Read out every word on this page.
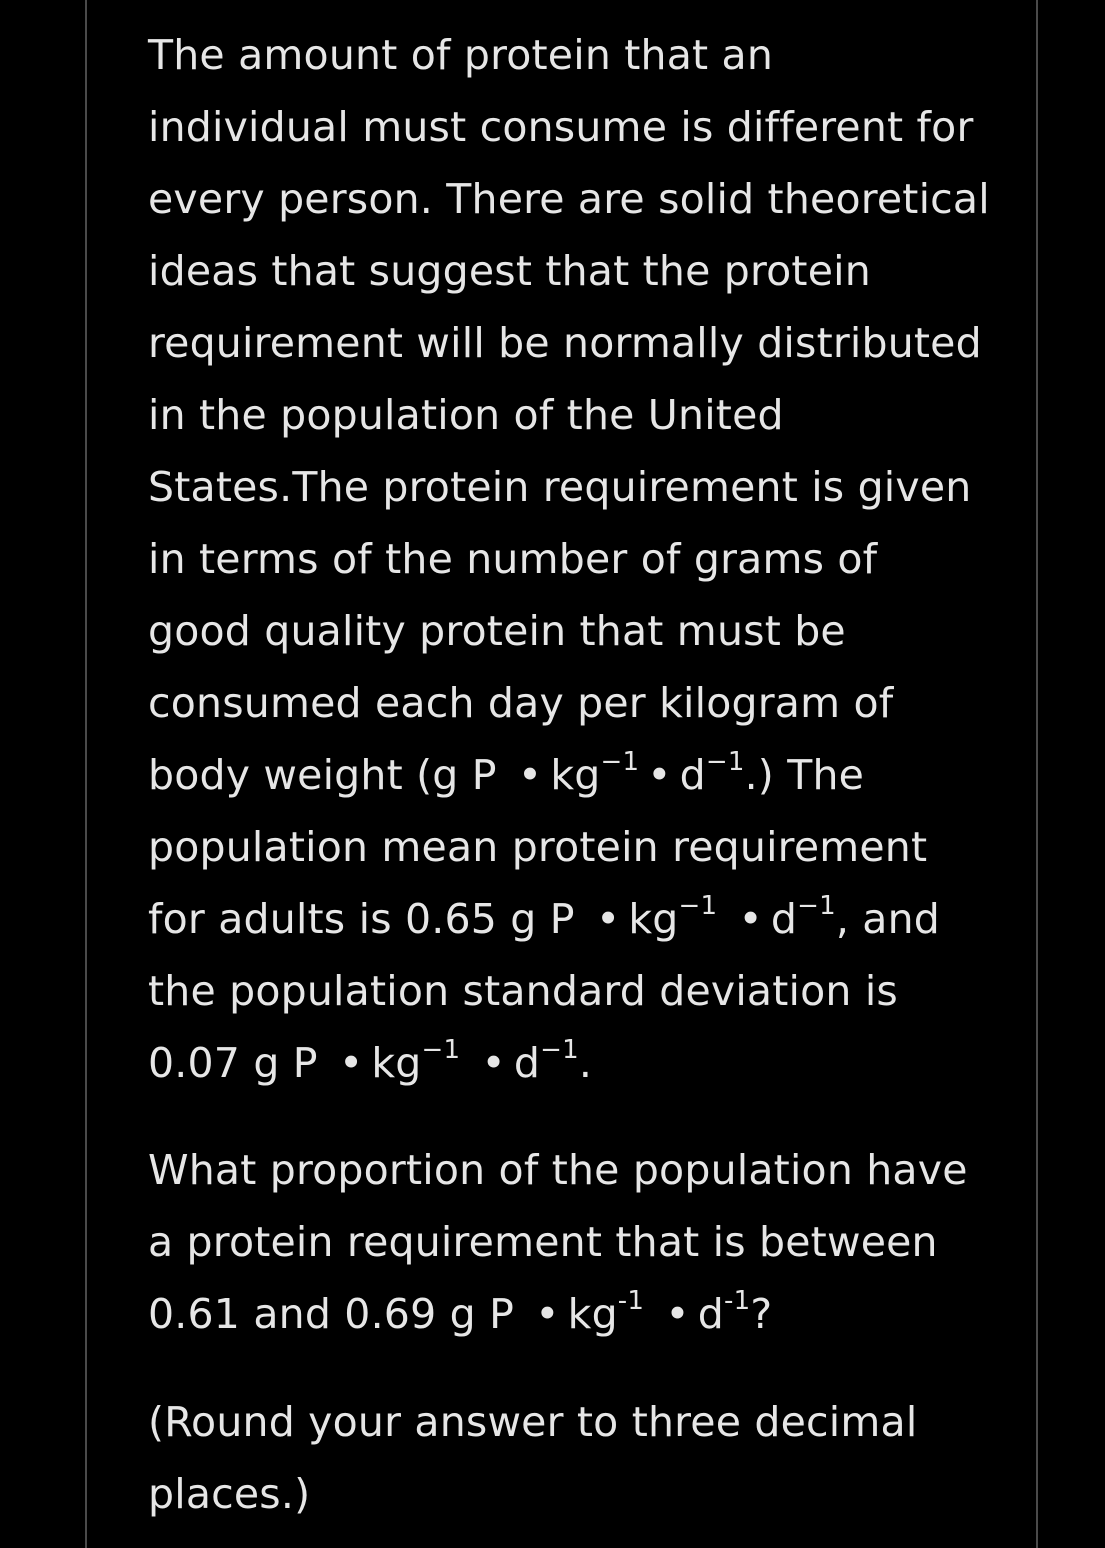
The amount of protein that an
individual must consume is different for
every person. There are solid theoretical
ideas that suggest that the protein
requirement will be normally distributed
in the population of the United
States.The protein requirement is given
in terms of the number of grams of
good quality protein that must be
consumed each day per kilogram of
body weight (g P • $kg^{-1}$ • $d^{-1}$.) The
population mean protein requirement
for adults is 0.65 g P • $kg^{-1}$ • $d^{-1}$, and
the population standard deviation is
0.07 g P • $kg^{-1}$ • $d^{-1}$.
What proportion of the population have
a protein requirement that is between
0.61 and 0.69 g P • $kg^{-1}$ • $d^{-1}$?
(Round your answer to three decimal
places.)
